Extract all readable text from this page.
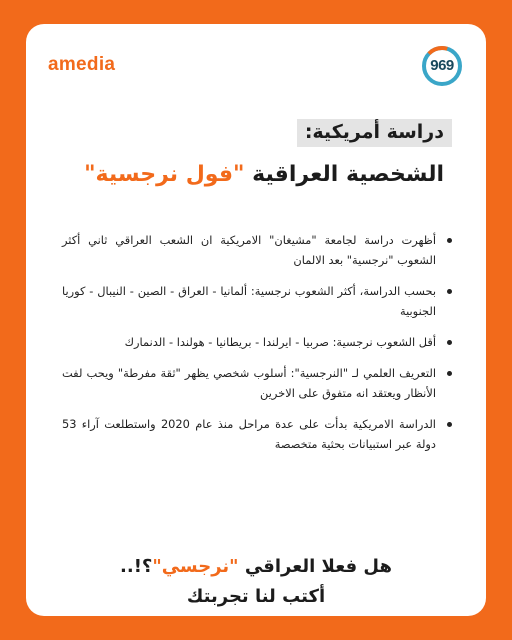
amedia	969
دراسة أمريكية:
الشخصية العراقية "فول نرجسية"
أظهرت دراسة لجامعة "مشيغان" الامريكية ان الشعب العراقي ثاني أكثر الشعوب "نرجسية" بعد الالمان
بحسب الدراسة، أكثر الشعوب نرجسية: ألمانيا - العراق - الصين - النيبال - كوريا الجنوبية
أقل الشعوب نرجسية: صربيا - ايرلندا - بريطانيا - هولندا - الدنمارك
التعريف العلمي لـ "النرجسية": أسلوب شخصي يظهر "ثقة مفرطة" ويحب لفت الأنظار ويعتقد انه متفوق على الاخرين
الدراسة الامريكية بدأت على عدة مراحل منذ عام 2020 واستطلعت آراء 53 دولة عبر استبيانات بحثية متخصصة
هل فعلا العراقي "نرجسي"؟!..
أكتب لنا تجربتك
